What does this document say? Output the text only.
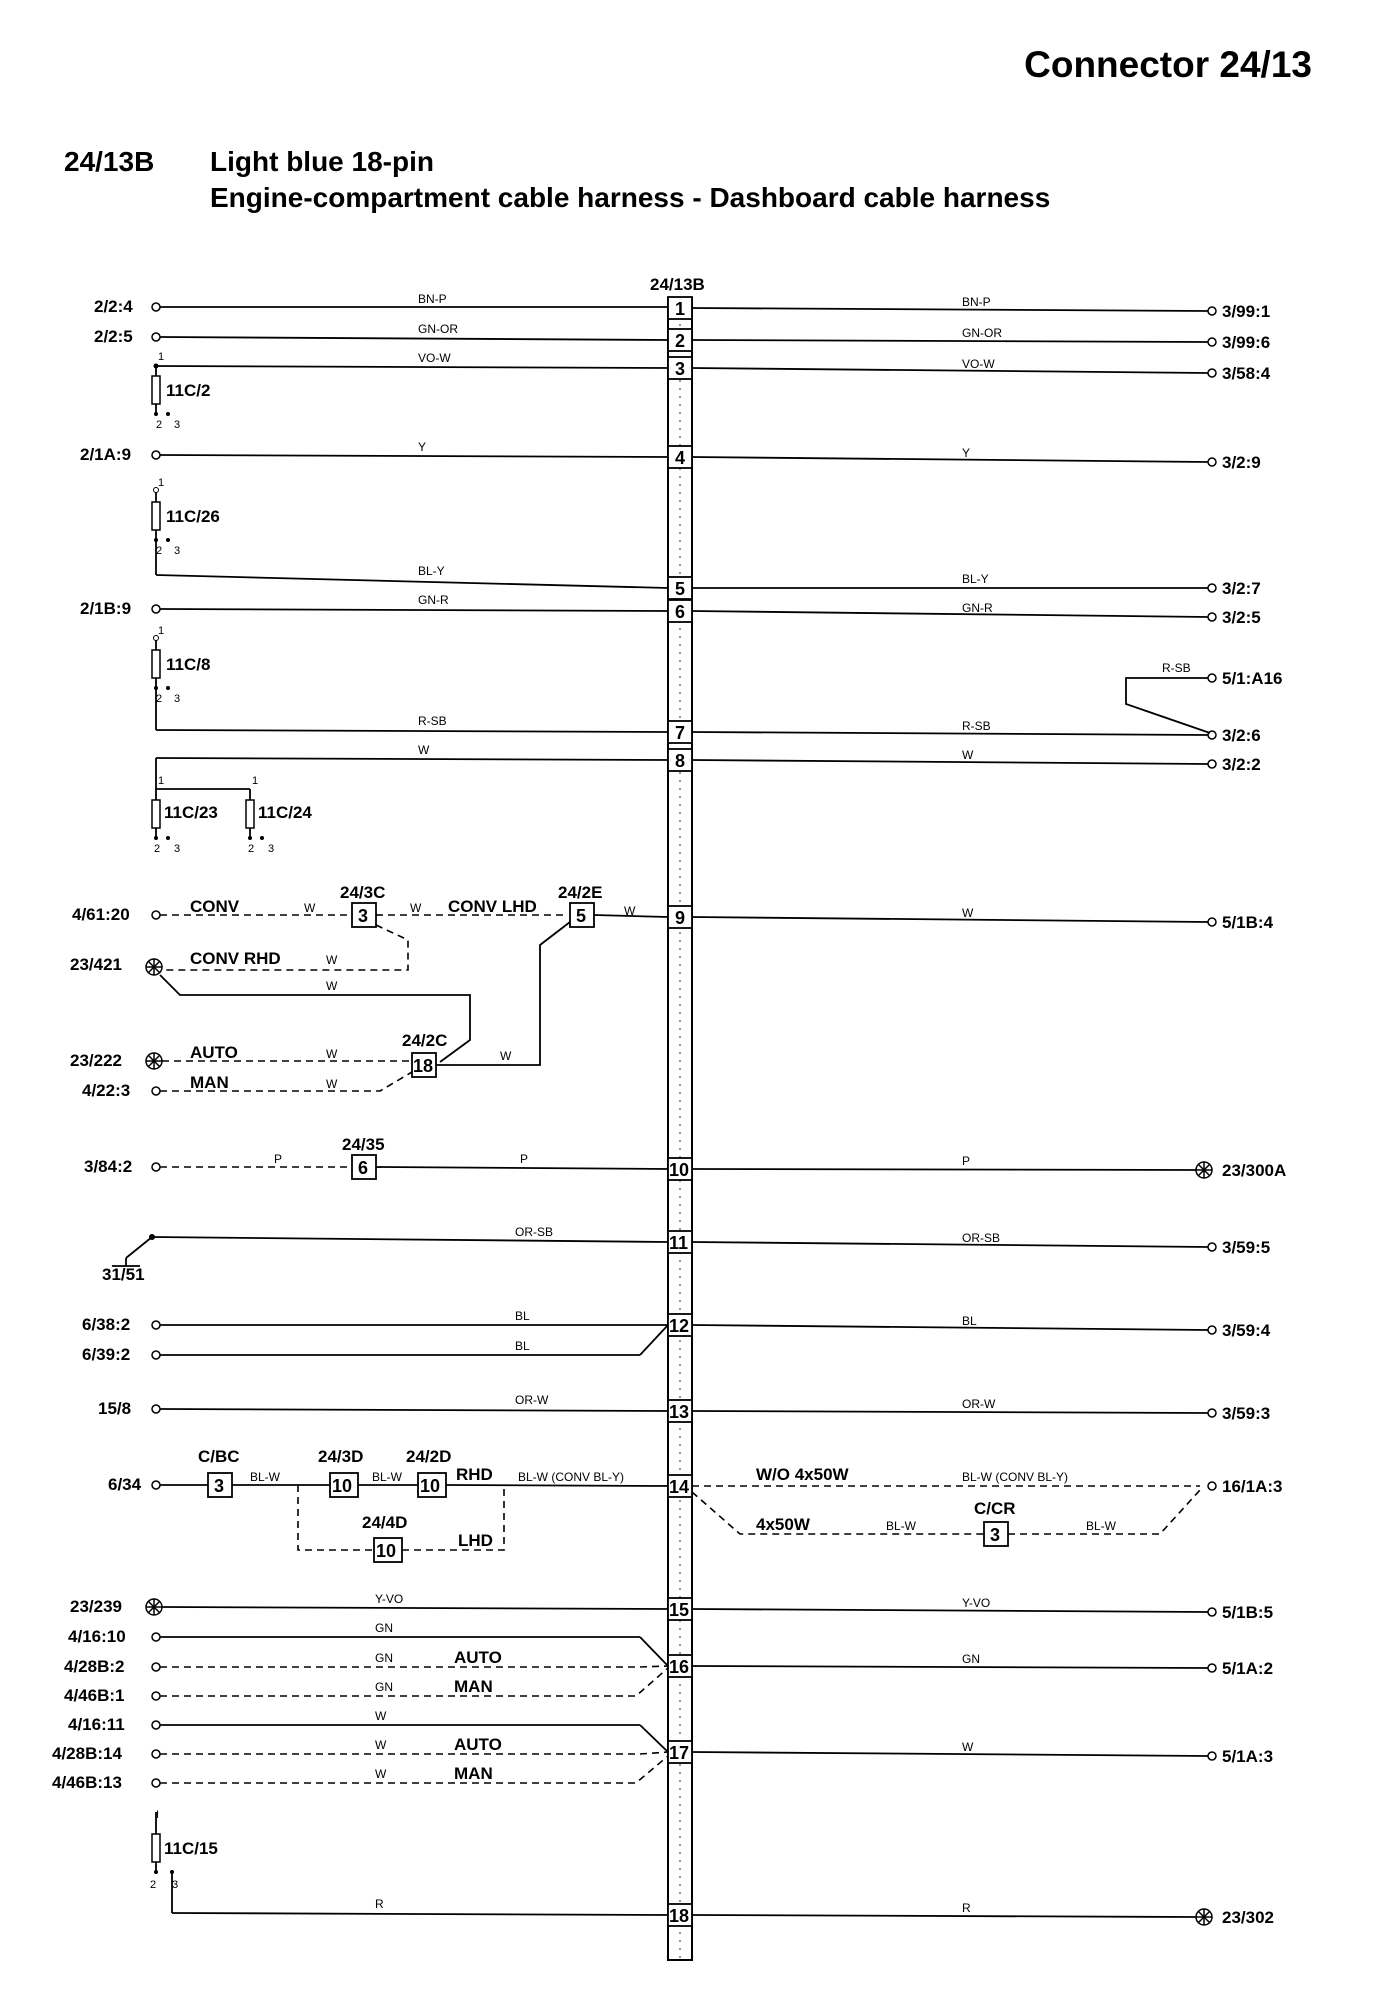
Connector 24/13
24/13B Light blue 18-pin
Engine-compartment cable harness - Dashboard cable harness
24/13B
1
2
3
4
5
6
7
8
9
10
11
12
13
14
15
16
17
18
BN-P
GN-OR
VO-W
Y
BL-Y
GN-R
R-SB
W
W
P
OR-SB
BL
OR-W
Y-VO
GN
W
R
3/99:1
3/99:6
3/58:4
3/2:9
3/2:7
3/2:5
3/2:6
3/2:2
5/1B:4
23/300A
3/59:5
3/59:4
3/59:3
16/1A:3
5/1B:5
5/1A:2
5/1A:3
23/302
2/2:4
2/2:5
2/1A:9
2/1B:9
4/61:20
23/421
23/222
4/22:3
3/84:2
31/51
6/38:2
6/39:2
15/8
6/34
23/239
4/16:10
4/28B:2
4/46B:1
4/16:11
4/28B:14
4/46B:13
BN-P
GN-OR
VO-W
Y
BL-Y
GN-R
R-SB
W
W
P
OR-SB
BL
BL
OR-W
BL-W (CONV BL-Y)
Y-VO
GN
W
R
11C/2
1
2 3
11C/26
1
2 3
11C/8
1
2 3
11C/23 11C/24
1	1
2 3	2 3
11C/15
I
2 3
3	5
24/3C	24/2E
CONV	W	W CONV LHD
CONV RHD	W
W
18
24/2C
AUTO
MAN
W
W
W
6
24/35
P
3 BL-W	10 BL-W 10
RHD
C/BC	24/3D	24/2D
10
24/4D
LHD
W/O 4x50W	BL-W (CONV BL-Y)
3
4x50W	BL-W	BL-W
C/CR
GN
GN
W
W
AUTO
MAN
AUTO
MAN
5/1:A16
R-SB
